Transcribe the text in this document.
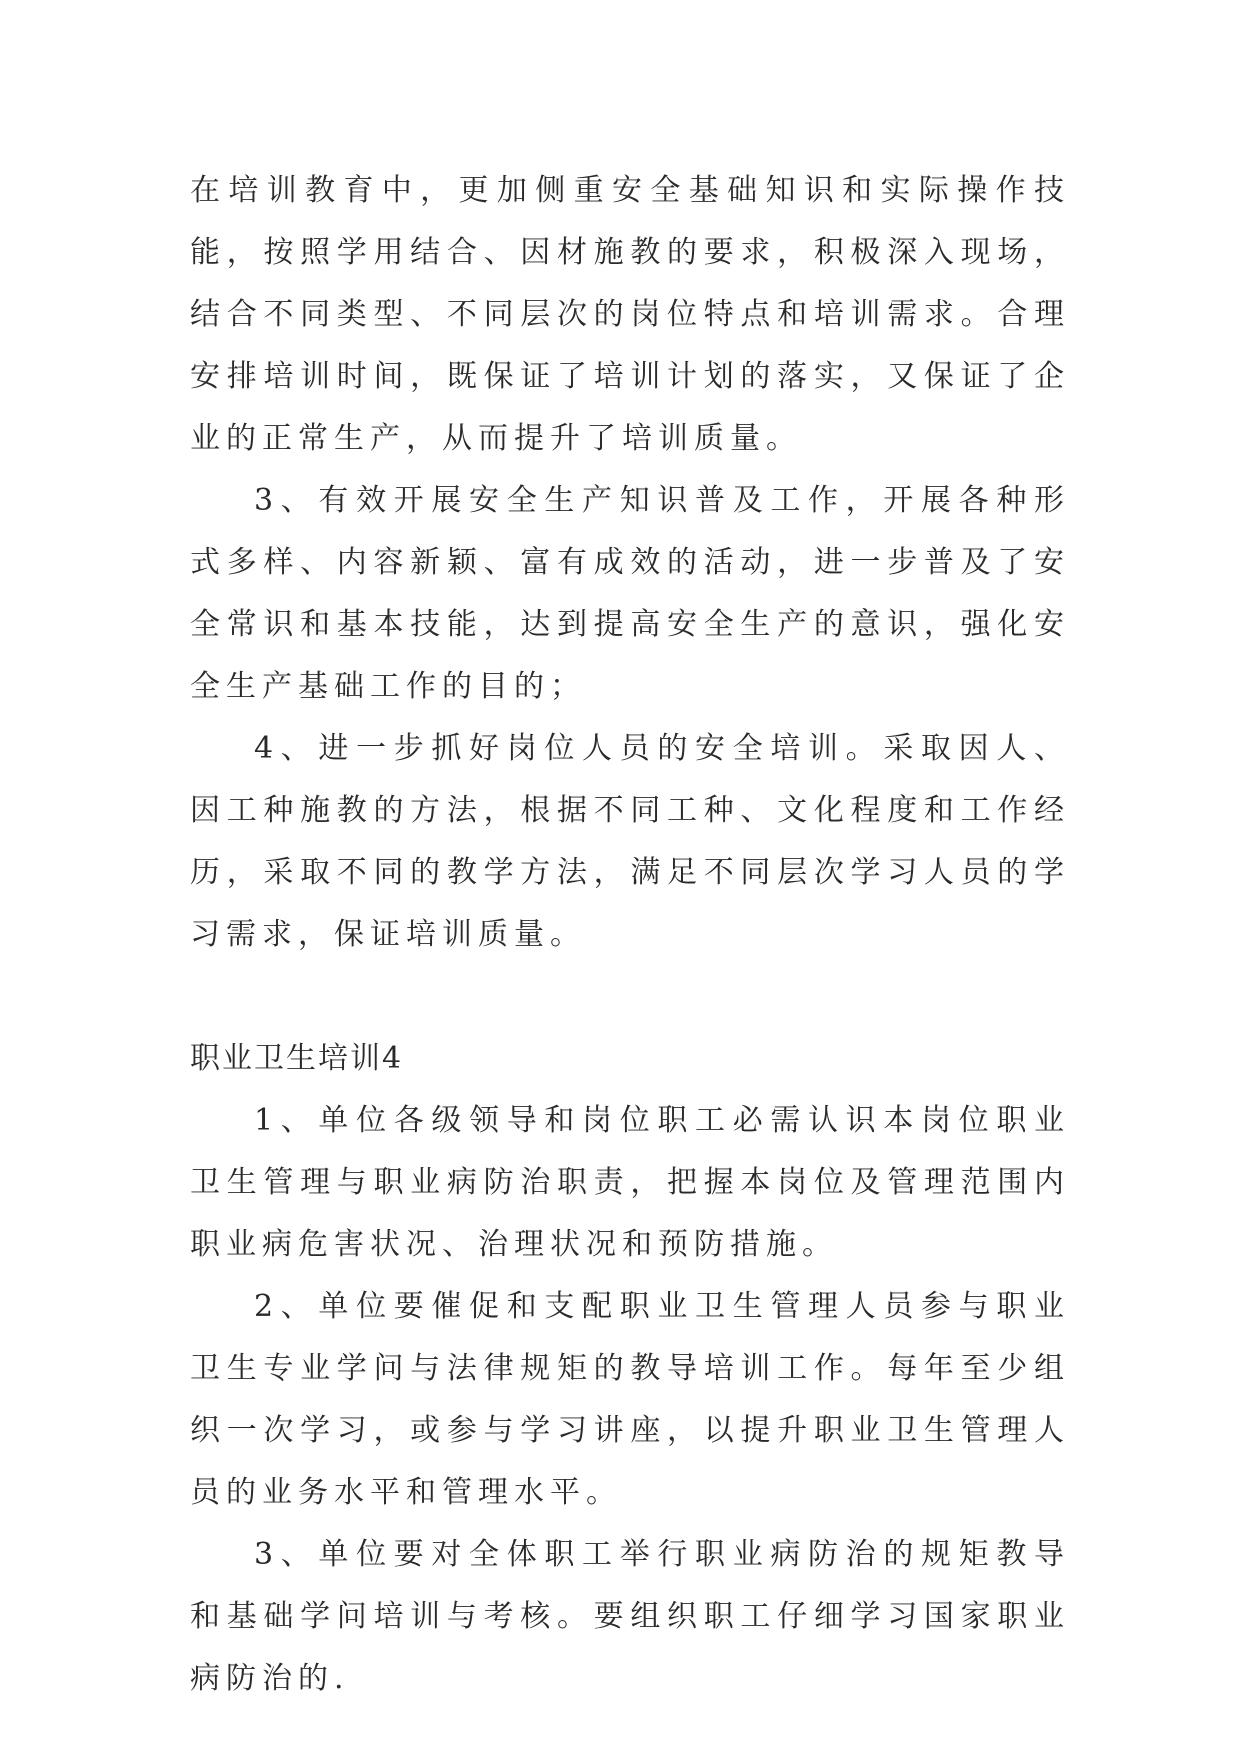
在培训教育中，更加侧重安全基础知识和实际操作技能，按照学用结合、因材施教的要求，积极深入现场，结合不同类型、不同层次的岗位特点和培训需求。合理安排培训时间，既保证了培训计划的落实，又保证了企业的正常生产，从而提升了培训质量。

3、有效开展安全生产知识普及工作，开展各种形式多样、内容新颖、富有成效的活动，进一步普及了安全常识和基本技能，达到提高安全生产的意识，强化安全生产基础工作的目的；

4、进一步抓好岗位人员的安全培训。采取因人、因工种施教的方法，根据不同工种、文化程度和工作经历，采取不同的教学方法，满足不同层次学习人员的学习需求，保证培训质量。

职业卫生培训4

1、单位各级领导和岗位职工必需认识本岗位职业卫生管理与职业病防治职责，把握本岗位及管理范围内职业病危害状况、治理状况和预防措施。

2、单位要催促和支配职业卫生管理人员参与职业卫生专业学问与法律规矩的教导培训工作。每年至少组织一次学习，或参与学习讲座，以提升职业卫生管理人员的业务水平和管理水平。

3、单位要对全体职工举行职业病防治的规矩教导和基础学问培训与考核。要组织职工仔细学习国家职业病防治的.
